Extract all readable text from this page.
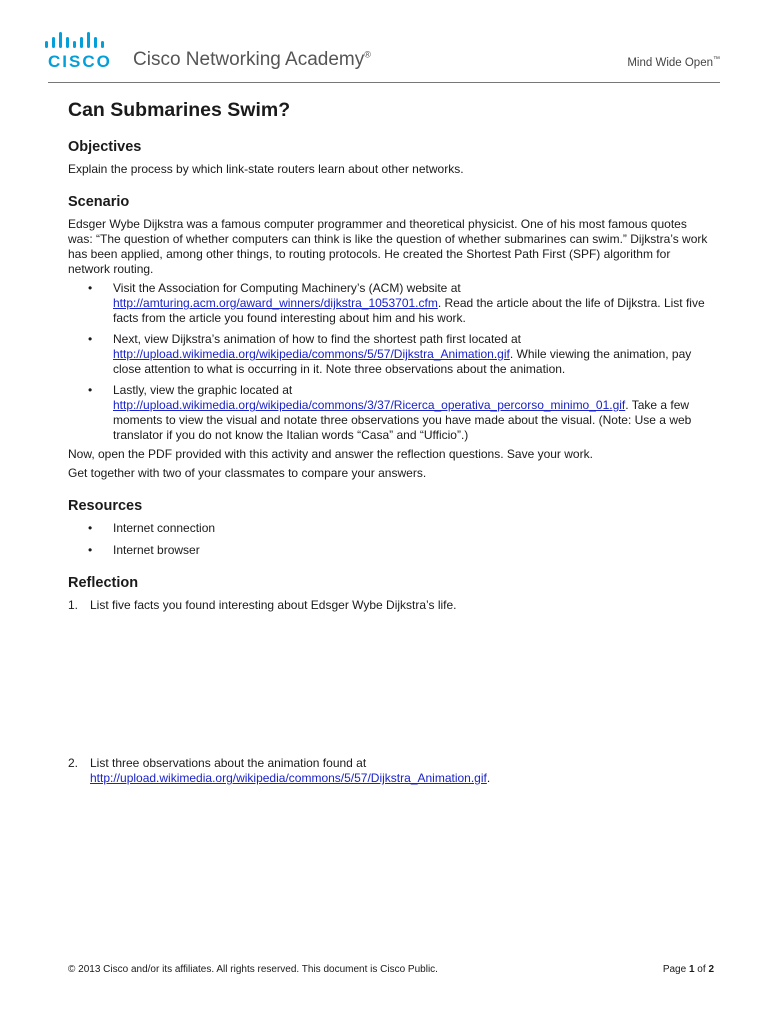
CISCO Cisco Networking Academy®
Mind Wide Open™
Can Submarines Swim?
Objectives

Explain the process by which link-state routers learn about other networks.

Scenario

Edsger Wybe Dijkstra was a famous computer programmer and theoretical physicist. One of his most famous quotes was: “The question of whether computers can think is like the question of whether submarines can swim.” Dijkstra’s work has been applied, among other things, to routing protocols. He created the Shortest Path First (SPF) algorithm for network routing.

• Visit the Association for Computing Machinery’s (ACM) website at http://amturing.acm.org/award_winners/dijkstra_1053701.cfm. Read the article about the life of Dijkstra. List five facts from the article you found interesting about him and his work.
• Next, view Dijkstra’s animation of how to find the shortest path first located at http://upload.wikimedia.org/wikipedia/commons/5/57/Dijkstra_Animation.gif. While viewing the animation, pay close attention to what is occurring in it. Note three observations about the animation.
• Lastly, view the graphic located at http://upload.wikimedia.org/wikipedia/commons/3/37/Ricerca_operativa_percorso_minimo_01.gif. Take a few moments to view the visual and notate three observations you have made about the visual. (Note: Use a web translator if you do not know the Italian words “Casa” and “Ufficio”.)

Now, open the PDF provided with this activity and answer the reflection questions. Save your work.

Get together with two of your classmates to compare your answers.

Resources
• Internet connection
• Internet browser
Reflection
1. List five facts you found interesting about Edsger Wybe Dijkstra’s life.
2. List three observations about the animation found at
http://upload.wikimedia.org/wikipedia/commons/5/57/Dijkstra_Animation.gif.
© 2013 Cisco and/or its affiliates. All rights reserved. This document is Cisco Public.	Page 1 of 2
